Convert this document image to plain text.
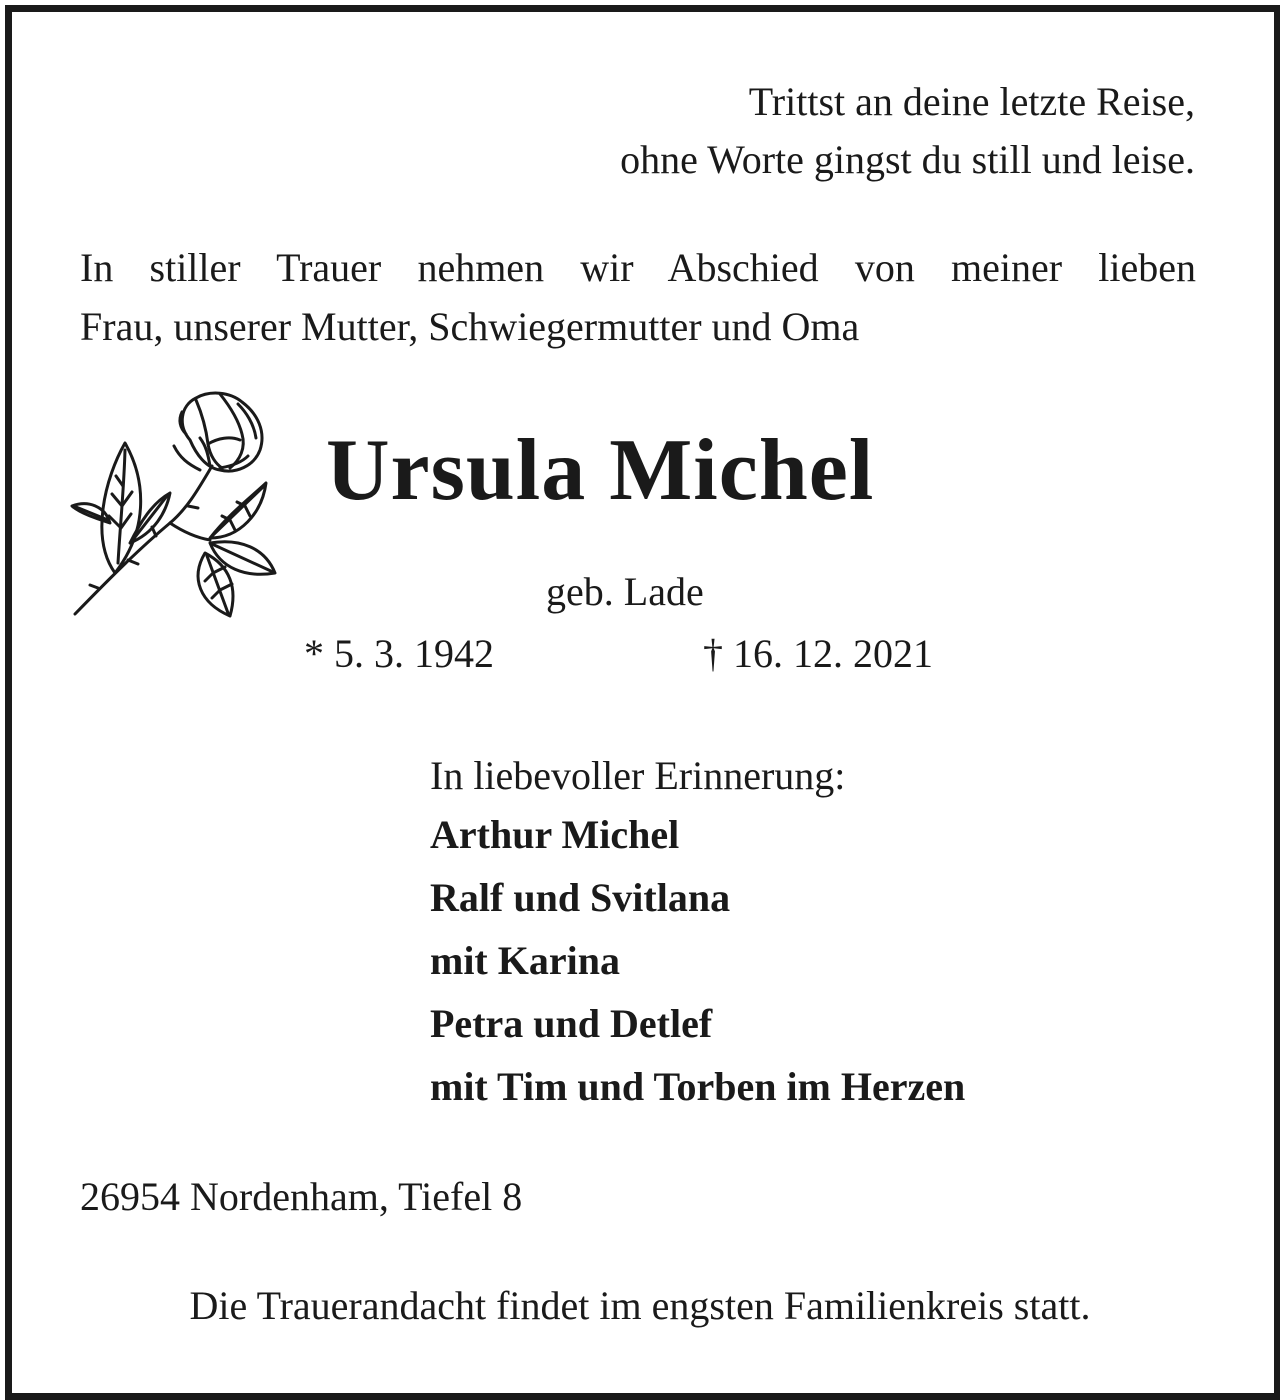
Trittst an deine letzte Reise,
ohne Worte gingst du still und leise.
In stiller Trauer nehmen wir Abschied von meiner lieben
Frau, unserer Mutter, Schwiegermutter und Oma
Ursula Michel
geb. Lade
* 5. 3. 1942	† 16. 12. 2021
In liebevoller Erinnerung:
Arthur Michel
Ralf und Svitlana
mit Karina
Petra und Detlef
mit Tim und Torben im Herzen
26954 Nordenham, Tiefel 8
Die Trauerandacht findet im engsten Familienkreis statt.
